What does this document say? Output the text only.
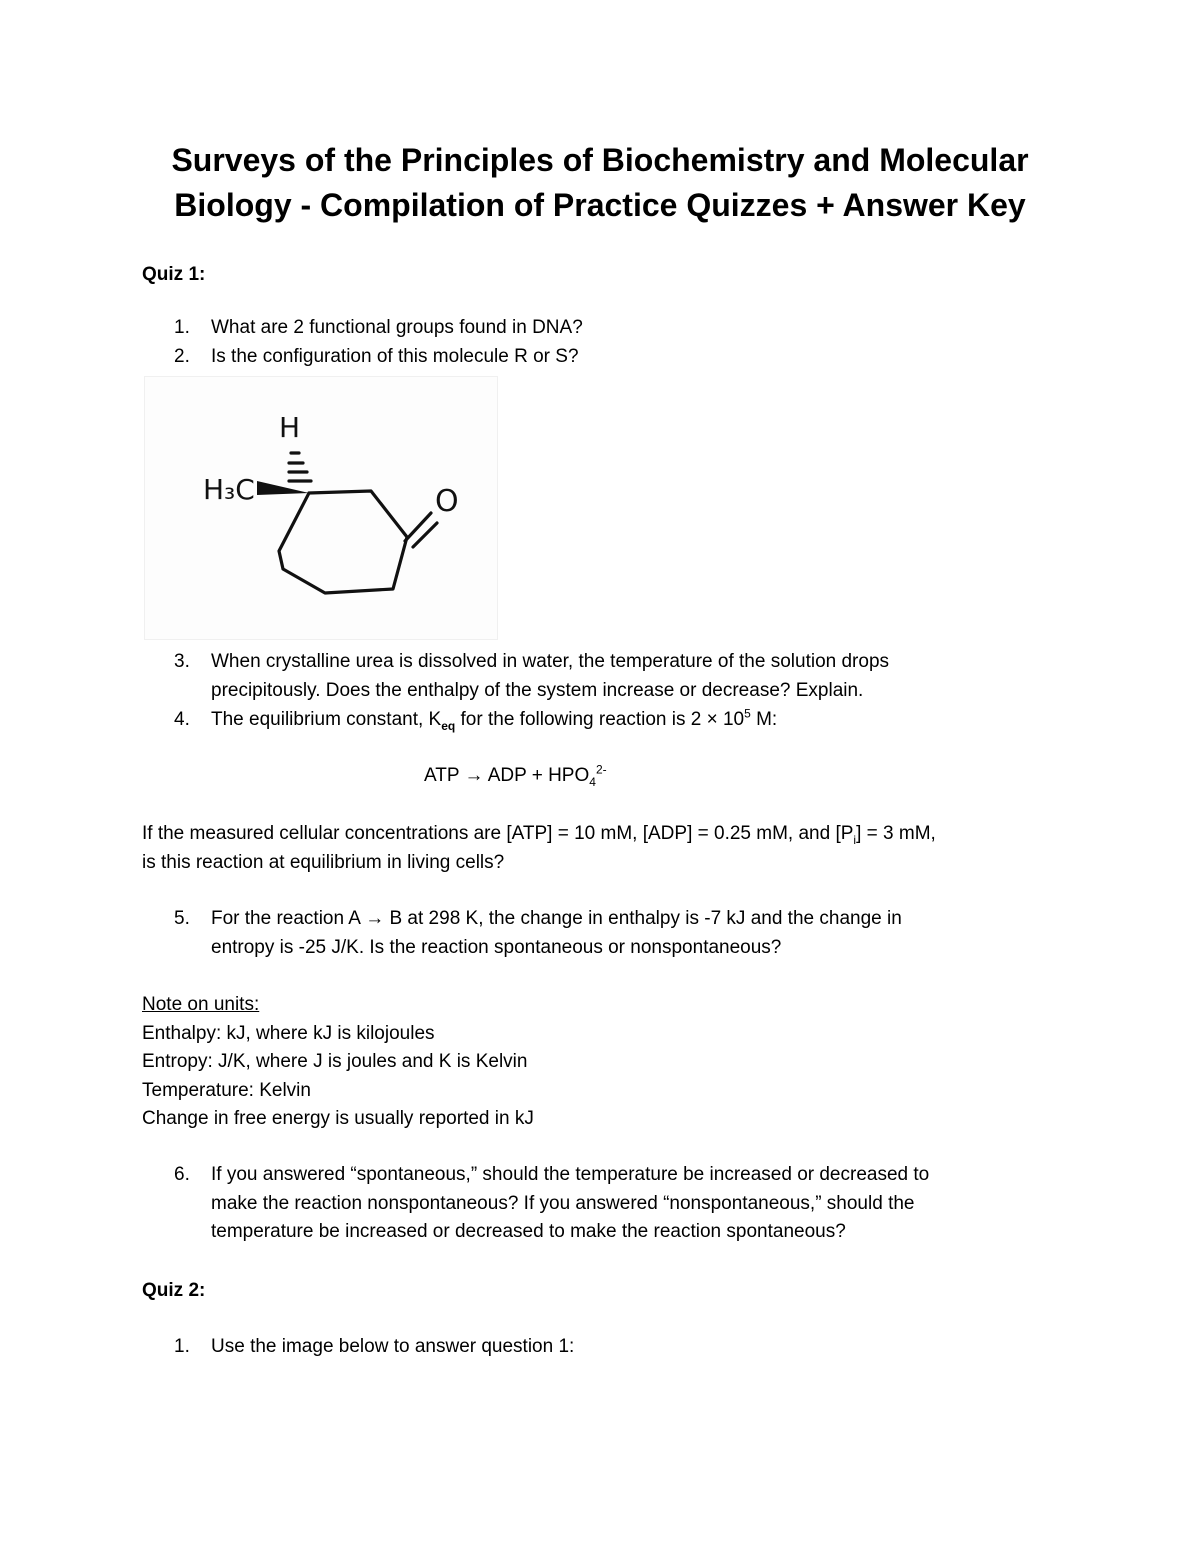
Surveys of the Principles of Biochemistry and Molecular
Biology - Compilation of Practice Quizzes + Answer Key
Quiz 1:
1.	What are 2 functional groups found in DNA?
2.	Is the configuration of this molecule R or S?
H
H₃C	O
3.	When crystalline urea is dissolved in water, the temperature of the solution drops
precipitously. Does the enthalpy of the system increase or decrease? Explain.
4.	The equilibrium constant, $K_{eq}$ for the following reaction is $2 \times 10^5$ M:
ATP → ADP + $HPO_4^{2-}$
If the measured cellular concentrations are [ATP] = 10 mM, [ADP] = 0.25 mM, and $[P_i] = 3$ mM,
is this reaction at equilibrium in living cells?
5.	For the reaction A → B at 298 K, the change in enthalpy is -7 kJ and the change in
entropy is -25 J/K. Is the reaction spontaneous or nonspontaneous?
Note on units:
Enthalpy: kJ, where kJ is kilojoules
Entropy: J/K, where J is joules and K is Kelvin
Temperature: Kelvin
Change in free energy is usually reported in kJ
6.	If you answered “spontaneous,” should the temperature be increased or decreased to
make the reaction nonspontaneous? If you answered “nonspontaneous,” should the
temperature be increased or decreased to make the reaction spontaneous?
Quiz 2:
1.	Use the image below to answer question 1:
